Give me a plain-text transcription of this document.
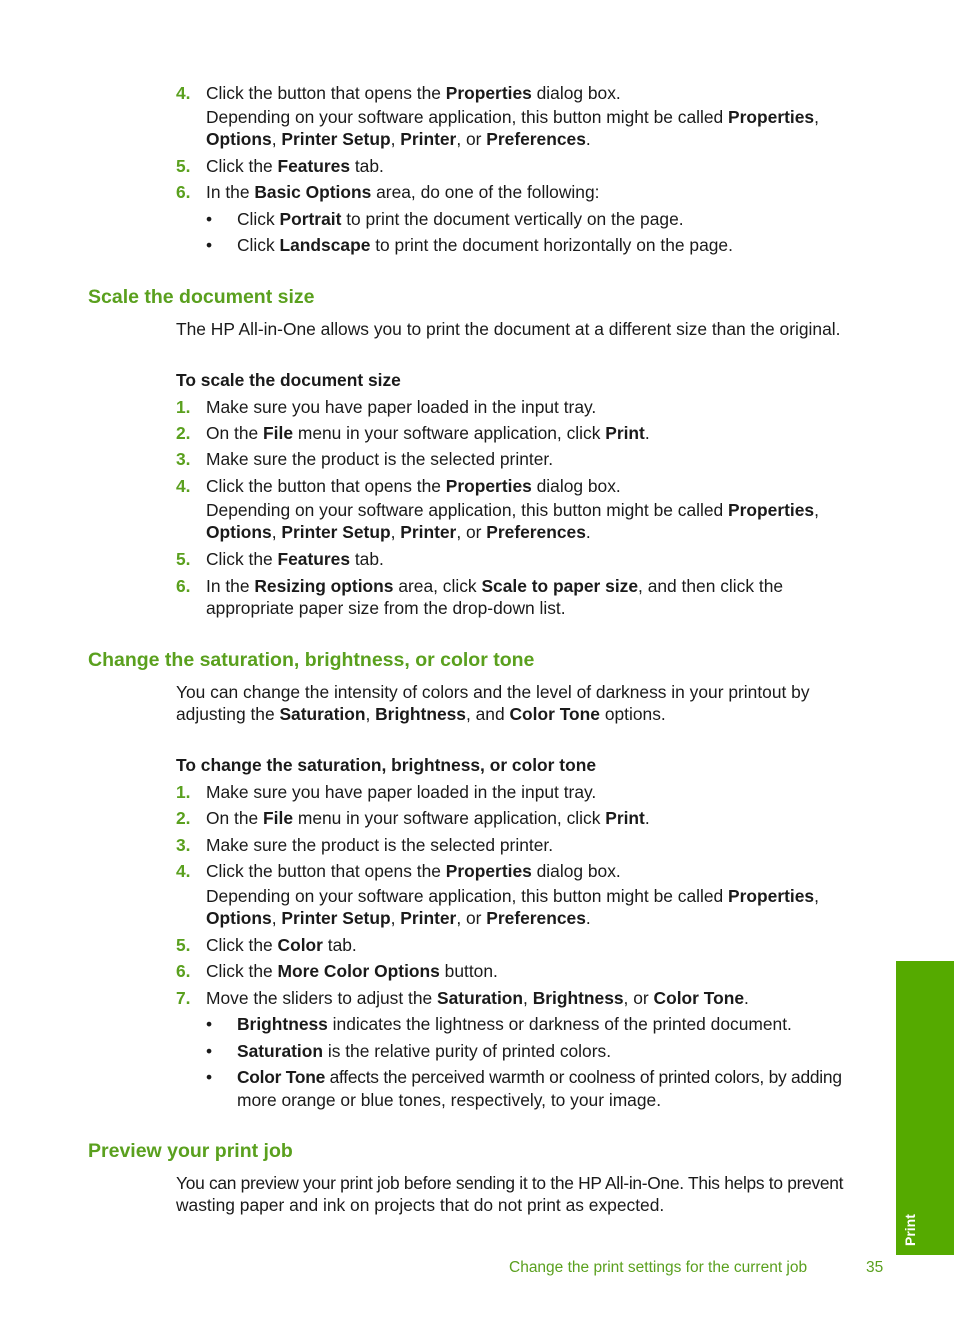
4. Click the button that opens the Properties dialog box.
Depending on your software application, this button might be called Properties,
Options, Printer Setup, Printer, or Preferences.
5. Click the Features tab.
6. In the Basic Options area, do one of the following:
• Click Portrait to print the document vertically on the page.
• Click Landscape to print the document horizontally on the page.
Scale the document size
The HP All-in-One allows you to print the document at a different size than the original.
To scale the document size
1. Make sure you have paper loaded in the input tray.
2. On the File menu in your software application, click Print.
3. Make sure the product is the selected printer.
4. Click the button that opens the Properties dialog box.
Depending on your software application, this button might be called Properties,
Options, Printer Setup, Printer, or Preferences.
5. Click the Features tab.
6. In the Resizing options area, click Scale to paper size, and then click the
appropriate paper size from the drop-down list.
Change the saturation, brightness, or color tone
You can change the intensity of colors and the level of darkness in your printout by
adjusting the Saturation, Brightness, and Color Tone options.
To change the saturation, brightness, or color tone
1. Make sure you have paper loaded in the input tray.
2. On the File menu in your software application, click Print.
3. Make sure the product is the selected printer.
4. Click the button that opens the Properties dialog box.
Depending on your software application, this button might be called Properties,
Options, Printer Setup, Printer, or Preferences.
5. Click the Color tab.
6. Click the More Color Options button.
7. Move the sliders to adjust the Saturation, Brightness, or Color Tone.
• Brightness indicates the lightness or darkness of the printed document.
• Saturation is the relative purity of printed colors.
• Color Tone affects the perceived warmth or coolness of printed colors, by adding
more orange or blue tones, respectively, to your image.
Preview your print job
You can preview your print job before sending it to the HP All-in-One. This helps to prevent
wasting paper and ink on projects that do not print as expected.
Print
Change the print settings for the current job	35
